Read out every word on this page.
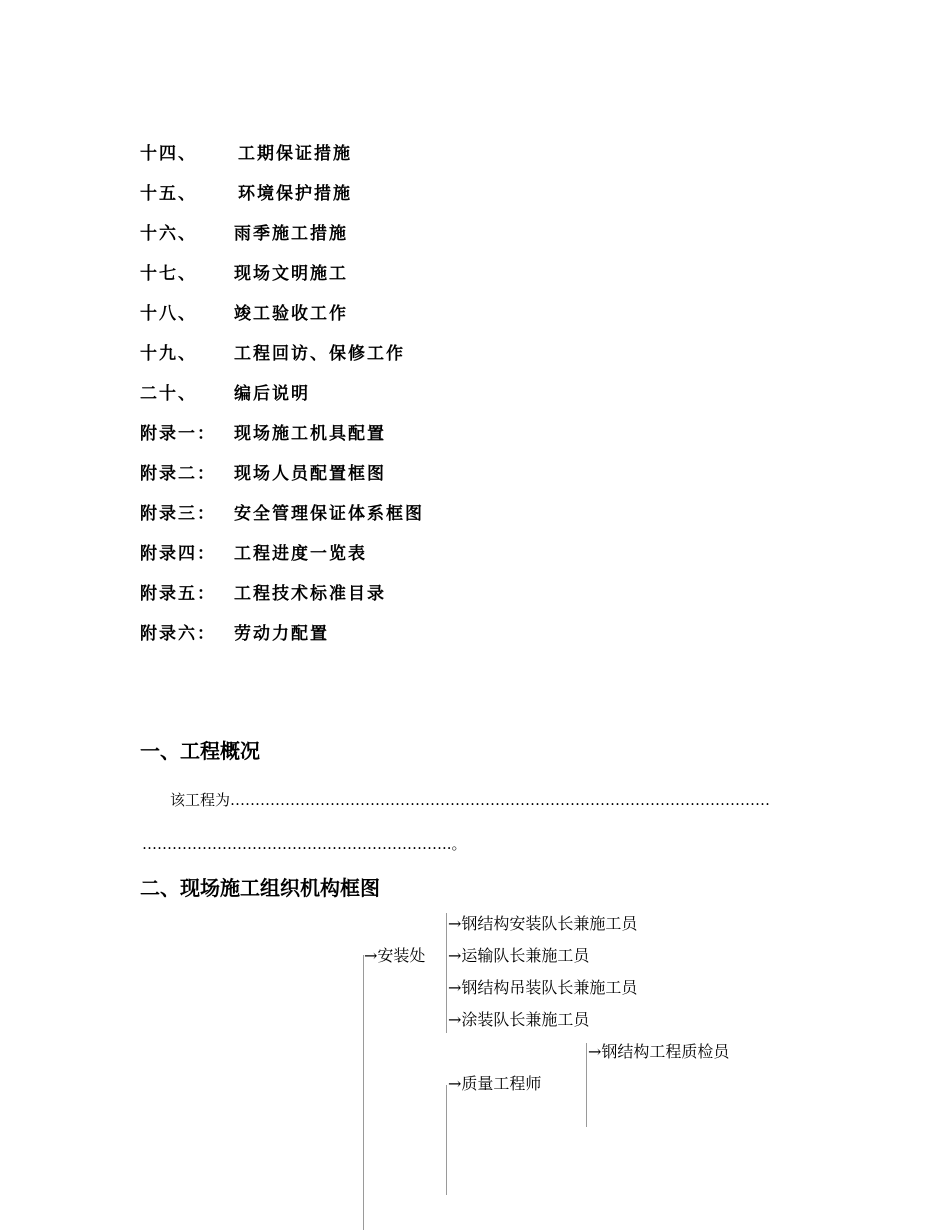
十四、 工期保证措施
十五、 环境保护措施
十六、 雨季施工措施
十七、 现场文明施工
十八、 竣工验收工作
十九、 工程回访、保修工作
二十、 编后说明
附录一： 现场施工机具配置
附录二： 现场人员配置框图
附录三： 安全管理保证体系框图
附录四： 工程进度一览表
附录五： 工程技术标准目录
附录六： 劳动力配置
一、工程概况
该工程为………………………………………………………………………………………………
……………………………………………………..。
二、现场施工组织机构框图
→安装处
→钢结构安装队长兼施工员
→运输队长兼施工员
→钢结构吊装队长兼施工员
→涂装队长兼施工员
→质量工程师
→钢结构工程质检员
